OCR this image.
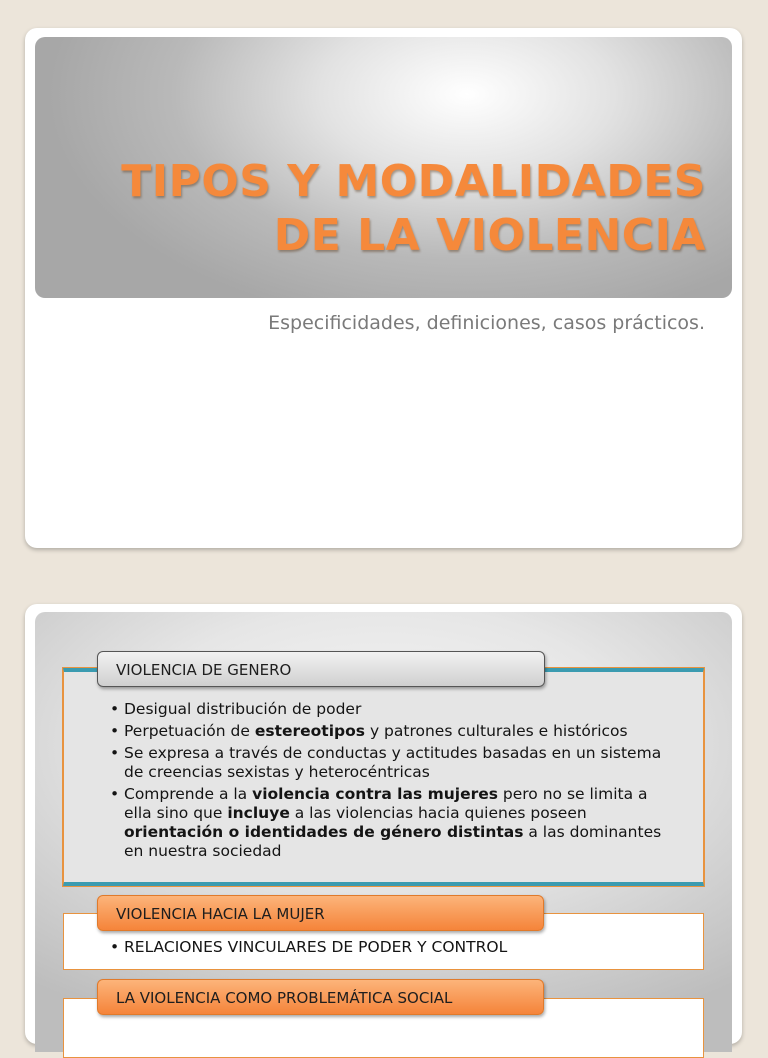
TIPOS Y MODALIDADES
DE LA VIOLENCIA

Especificidades, definiciones, casos prácticos.

• Desigual distribución de poder
• Perpetuación de estereotipos y patrones culturales e históricos
• Se expresa a través de conductas y actitudes basadas en un sistema de creencias sexistas y heterocéntricas
• Comprende a la violencia contra las mujeres pero no se limita a ella sino que incluye a las violencias hacia quienes poseen orientación o identidades de género distintas a las dominantes en nuestra sociedad
VIOLENCIA DE GENERO
• RELACIONES VINCULARES DE PODER Y CONTROL
VIOLENCIA HACIA LA MUJER
LA VIOLENCIA COMO PROBLEMÁTICA SOCIAL
